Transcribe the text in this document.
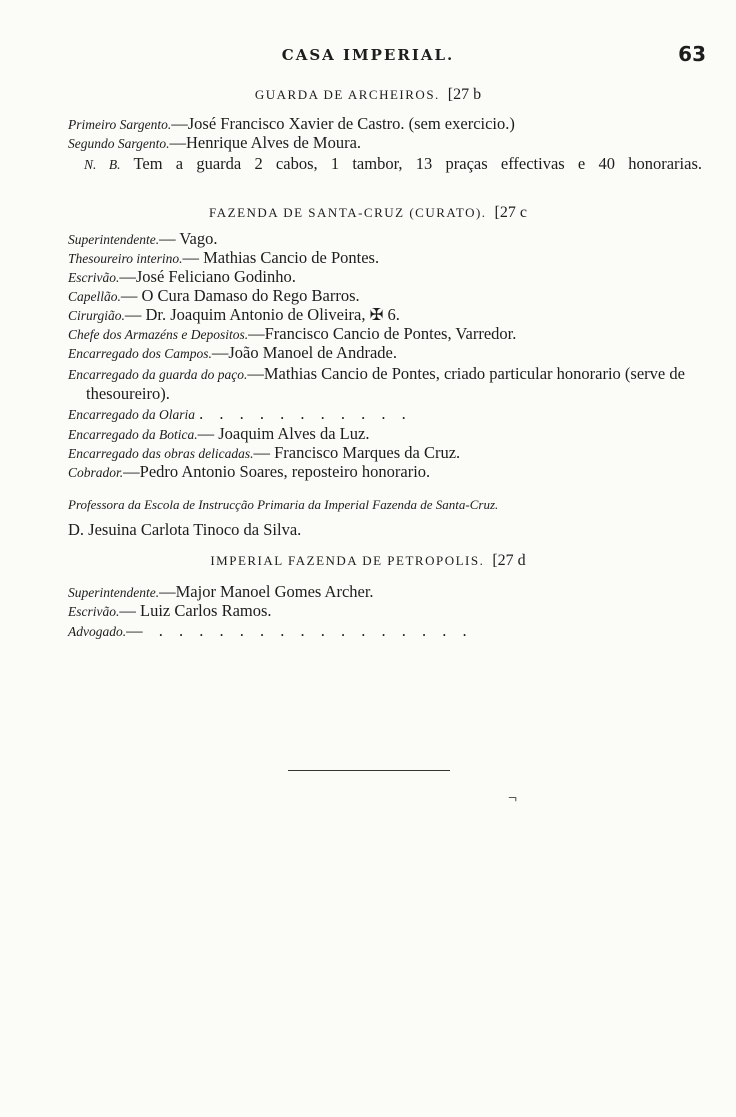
CASA IMPERIAL.	63
GUARDA DE ARCHEIROS. [27 b
Primeiro Sargento.—José Francisco Xavier de Castro. (sem exercicio.)
Segundo Sargento.—Henrique Alves de Moura.
N. B. Tem a guarda 2 cabos, 1 tambor, 13 praças effectivas e 40 honorarias.
FAZENDA DE SANTA-CRUZ (CURATO). [27 c
Superintendente.— Vago.
Thesoureiro interino.— Mathias Cancio de Pontes.
Escrivão.—José Feliciano Godinho.
Capellão.— O Cura Damaso do Rego Barros.
Cirurgião.— Dr. Joaquim Antonio de Oliveira, ✠ 6.
Chefe dos Armazéns e Depositos.—Francisco Cancio de Pontes, Varredor.
Encarregado dos Campos.—João Manoel de Andrade.
Encarregado da guarda do paço.—Mathias Cancio de Pontes, criado particular honorario (serve de thesoureiro).
Encarregado da Olaria . . . . . . . . . . .
Encarregado da Botica.— Joaquim Alves da Luz.
Encarregado das obras delicadas.— Francisco Marques da Cruz.
Cobrador.—Pedro Antonio Soares, reposteiro honorario.
Professora da Escola de Instrucção Primaria da Imperial Fazenda de Santa-Cruz.
D. Jesuina Carlota Tinoco da Silva.
IMPERIAL FAZENDA DE PETROPOLIS. [27 d
Superintendente.—Major Manoel Gomes Archer.
Escrivão.— Luiz Carlos Ramos.
Advogado.— . . . . . . . . . . . . . . . .
¬
